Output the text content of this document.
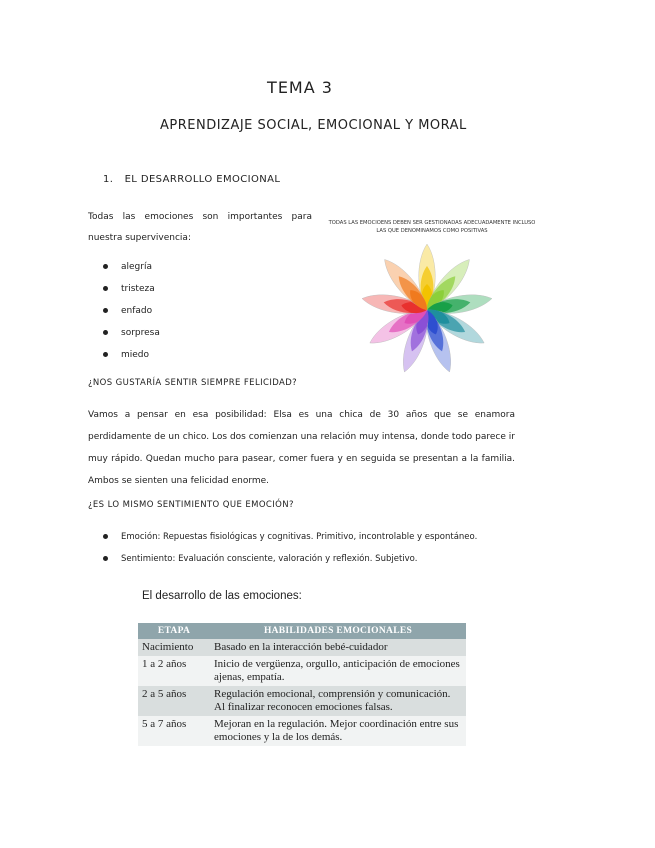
TEMA 3
APRENDIZAJE SOCIAL, EMOCIONAL Y MORAL
1. EL DESARROLLO EMOCIONAL
Todas las emociones son importantes para nuestra supervivencia:
alegría
tristeza
enfado
sorpresa
miedo
TODAS LAS EMOCIOENS DEBEN SER GESTIONADAS ADECUADAMENTE INCLUSO LAS QUE DENOMINAMOS COMO POSITIVAS
¿NOS GUSTARÍA SENTIR SIEMPRE FELICIDAD?
Vamos a pensar en esa posibilidad: Elsa es una chica de 30 años que se enamora perdidamente de un chico. Los dos comienzan una relación muy intensa, donde todo parece ir muy rápido. Quedan mucho para pasear, comer fuera y en seguida se presentan a la familia. Ambos se sienten una felicidad enorme.
¿ES LO MISMO SENTIMIENTO QUE EMOCIÓN?
Emoción: Repuestas fisiológicas y cognitivas. Primitivo, incontrolable y espontáneo.
Sentimiento: Evaluación consciente, valoración y reflexión. Subjetivo.
El desarrollo de las emociones:
ETAPA	HABILIDADES EMOCIONALES
Nacimiento	Basado en la interacción bebé-cuidador
1 a 2 años	Inicio de vergüenza, orgullo, anticipación de emociones ajenas, empatía.
2 a 5 años	Regulación emocional, comprensión y comunicación. Al finalizar reconocen emociones falsas.
5 a 7 años	Mejoran en la regulación. Mejor coordinación entre sus emociones y la de los demás.
